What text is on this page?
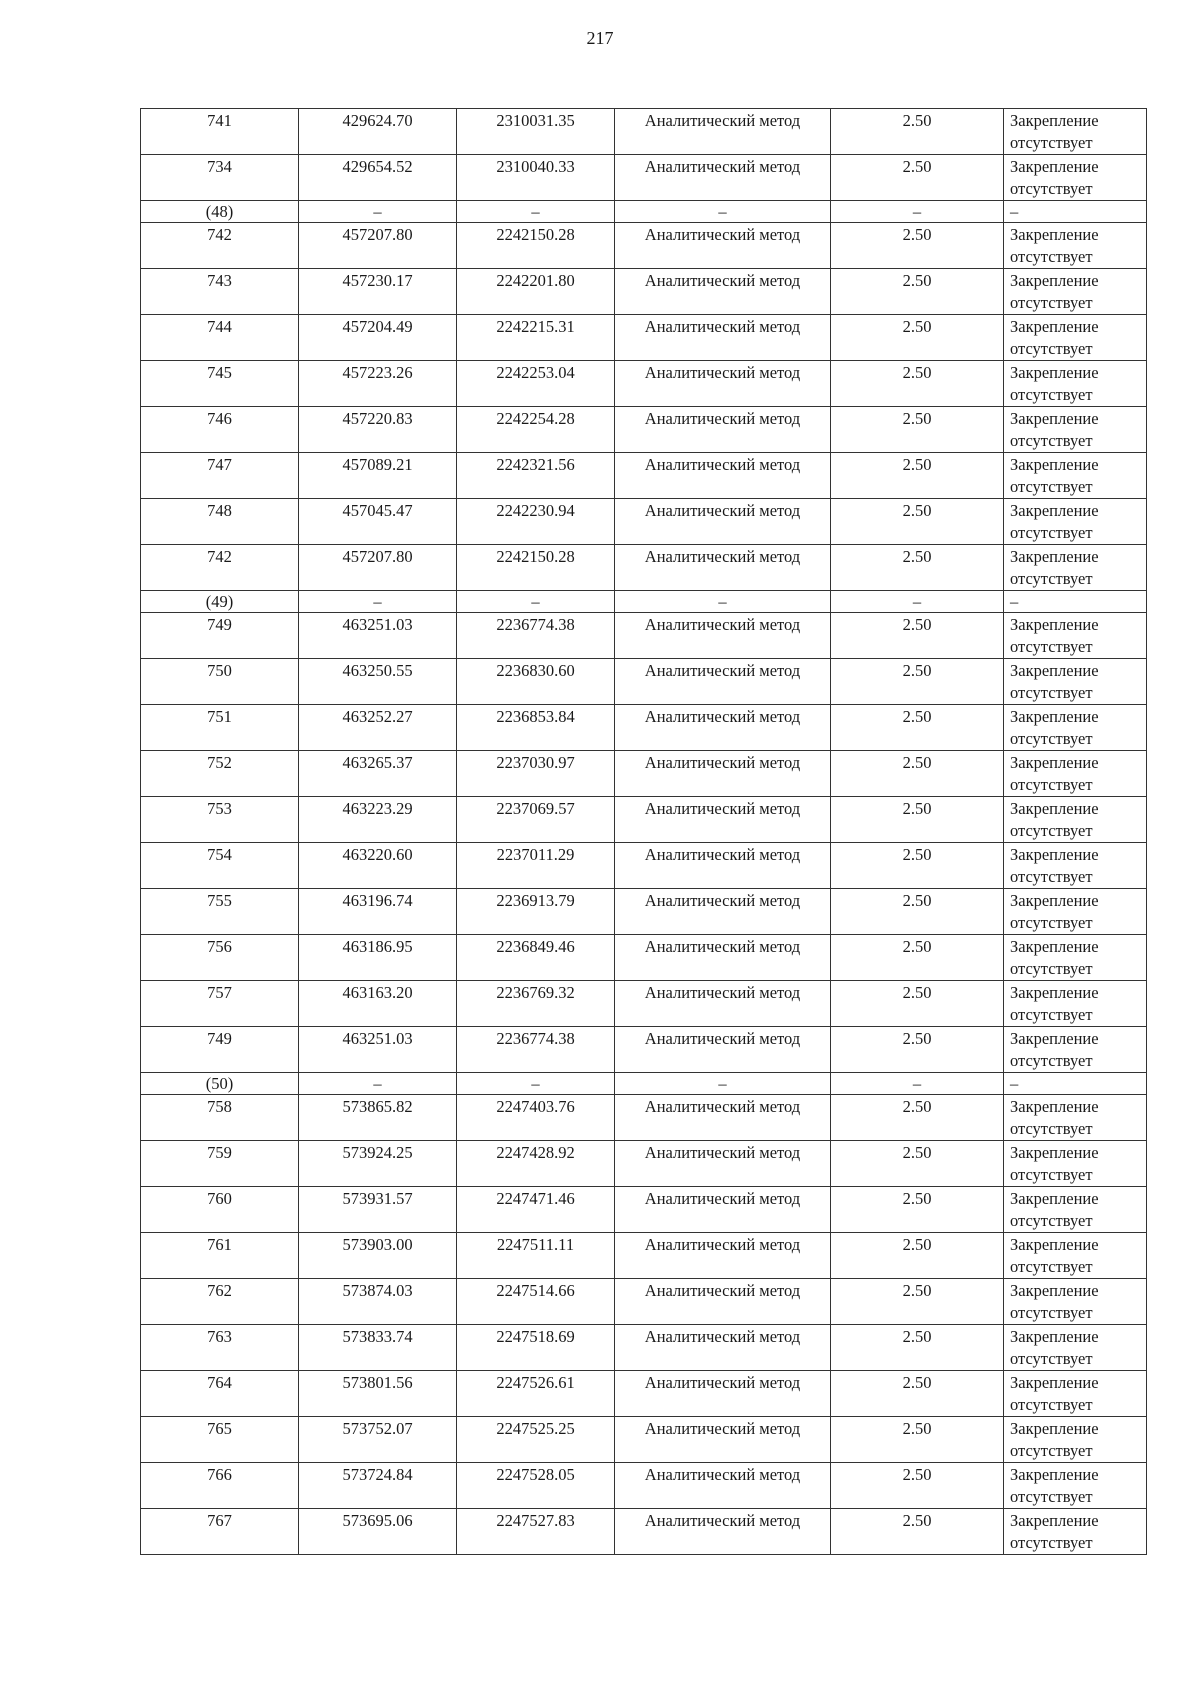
217
741	429624.70	2310031.35	Аналитический метод	2.50	Закрепление отсутствует
734	429654.52	2310040.33	Аналитический метод	2.50	Закрепление отсутствует
(48)	–	–	–	–	–
742	457207.80	2242150.28	Аналитический метод	2.50	Закрепление отсутствует
743	457230.17	2242201.80	Аналитический метод	2.50	Закрепление отсутствует
744	457204.49	2242215.31	Аналитический метод	2.50	Закрепление отсутствует
745	457223.26	2242253.04	Аналитический метод	2.50	Закрепление отсутствует
746	457220.83	2242254.28	Аналитический метод	2.50	Закрепление отсутствует
747	457089.21	2242321.56	Аналитический метод	2.50	Закрепление отсутствует
748	457045.47	2242230.94	Аналитический метод	2.50	Закрепление отсутствует
742	457207.80	2242150.28	Аналитический метод	2.50	Закрепление отсутствует
(49)	–	–	–	–	–
749	463251.03	2236774.38	Аналитический метод	2.50	Закрепление отсутствует
750	463250.55	2236830.60	Аналитический метод	2.50	Закрепление отсутствует
751	463252.27	2236853.84	Аналитический метод	2.50	Закрепление отсутствует
752	463265.37	2237030.97	Аналитический метод	2.50	Закрепление отсутствует
753	463223.29	2237069.57	Аналитический метод	2.50	Закрепление отсутствует
754	463220.60	2237011.29	Аналитический метод	2.50	Закрепление отсутствует
755	463196.74	2236913.79	Аналитический метод	2.50	Закрепление отсутствует
756	463186.95	2236849.46	Аналитический метод	2.50	Закрепление отсутствует
757	463163.20	2236769.32	Аналитический метод	2.50	Закрепление отсутствует
749	463251.03	2236774.38	Аналитический метод	2.50	Закрепление отсутствует
(50)	–	–	–	–	–
758	573865.82	2247403.76	Аналитический метод	2.50	Закрепление отсутствует
759	573924.25	2247428.92	Аналитический метод	2.50	Закрепление отсутствует
760	573931.57	2247471.46	Аналитический метод	2.50	Закрепление отсутствует
761	573903.00	2247511.11	Аналитический метод	2.50	Закрепление отсутствует
762	573874.03	2247514.66	Аналитический метод	2.50	Закрепление отсутствует
763	573833.74	2247518.69	Аналитический метод	2.50	Закрепление отсутствует
764	573801.56	2247526.61	Аналитический метод	2.50	Закрепление отсутствует
765	573752.07	2247525.25	Аналитический метод	2.50	Закрепление отсутствует
766	573724.84	2247528.05	Аналитический метод	2.50	Закрепление отсутствует
767	573695.06	2247527.83	Аналитический метод	2.50	Закрепление отсутствует
